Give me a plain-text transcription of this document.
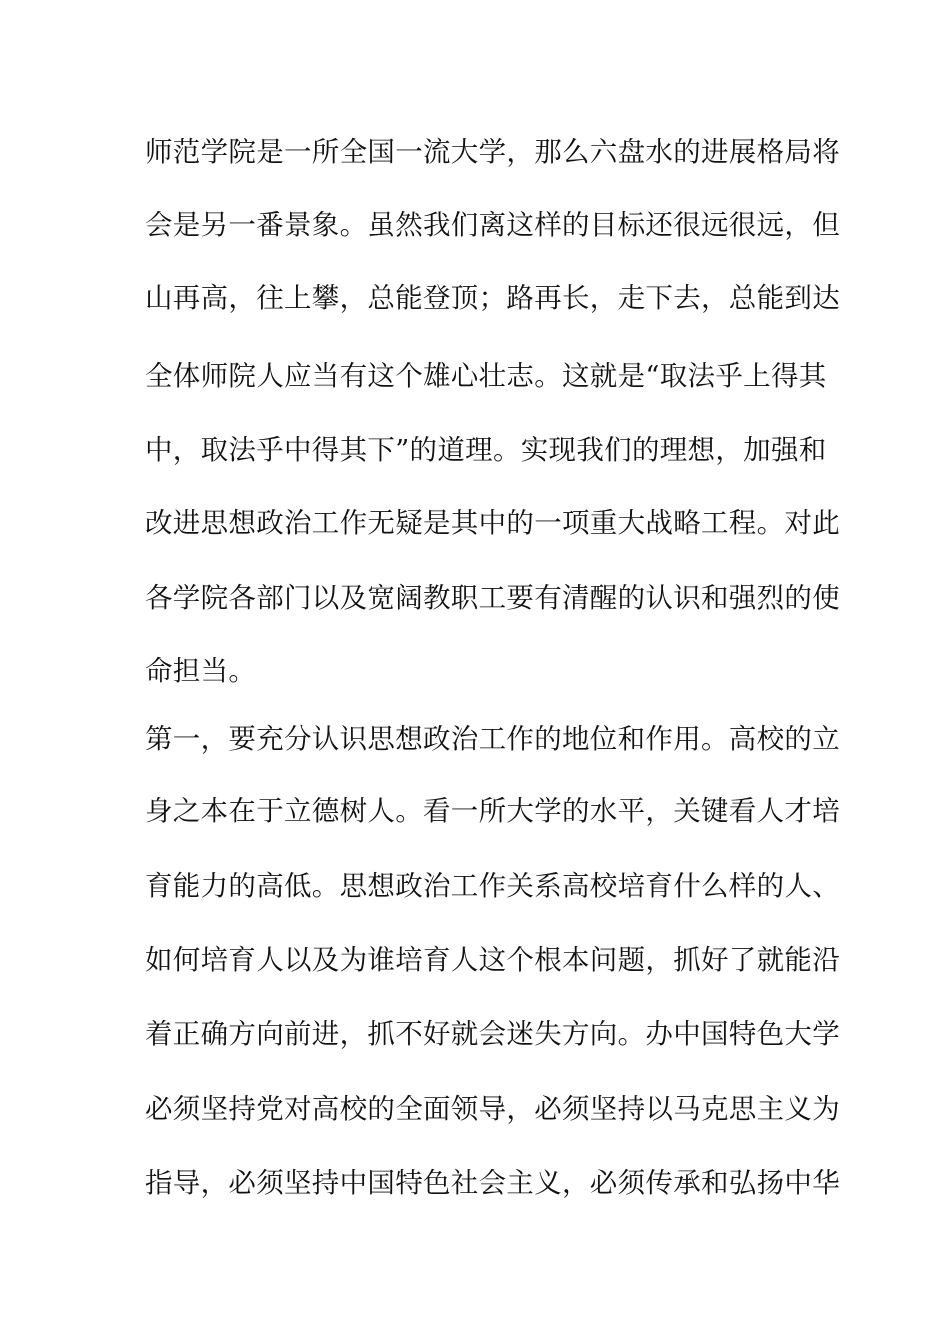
师范学院是一所全国一流大学，那么六盘水的进展格局将
会是另一番景象。虽然我们离这样的目标还很远很远，但
山再高，往上攀，总能登顶；路再长，走下去，总能到达
全体师院人应当有这个雄心壮志。这就是“取法乎上得其
中，取法乎中得其下”的道理。实现我们的理想，加强和
改进思想政治工作无疑是其中的一项重大战略工程。对此
各学院各部门以及宽阔教职工要有清醒的认识和强烈的使
命担当。
第一，要充分认识思想政治工作的地位和作用。高校的立
身之本在于立德树人。看一所大学的水平，关键看人才培
育能力的高低。思想政治工作关系高校培育什么样的人、
如何培育人以及为谁培育人这个根本问题，抓好了就能沿
着正确方向前进，抓不好就会迷失方向。办中国特色大学
必须坚持党对高校的全面领导，必须坚持以马克思主义为
指导，必须坚持中国特色社会主义，必须传承和弘扬中华
